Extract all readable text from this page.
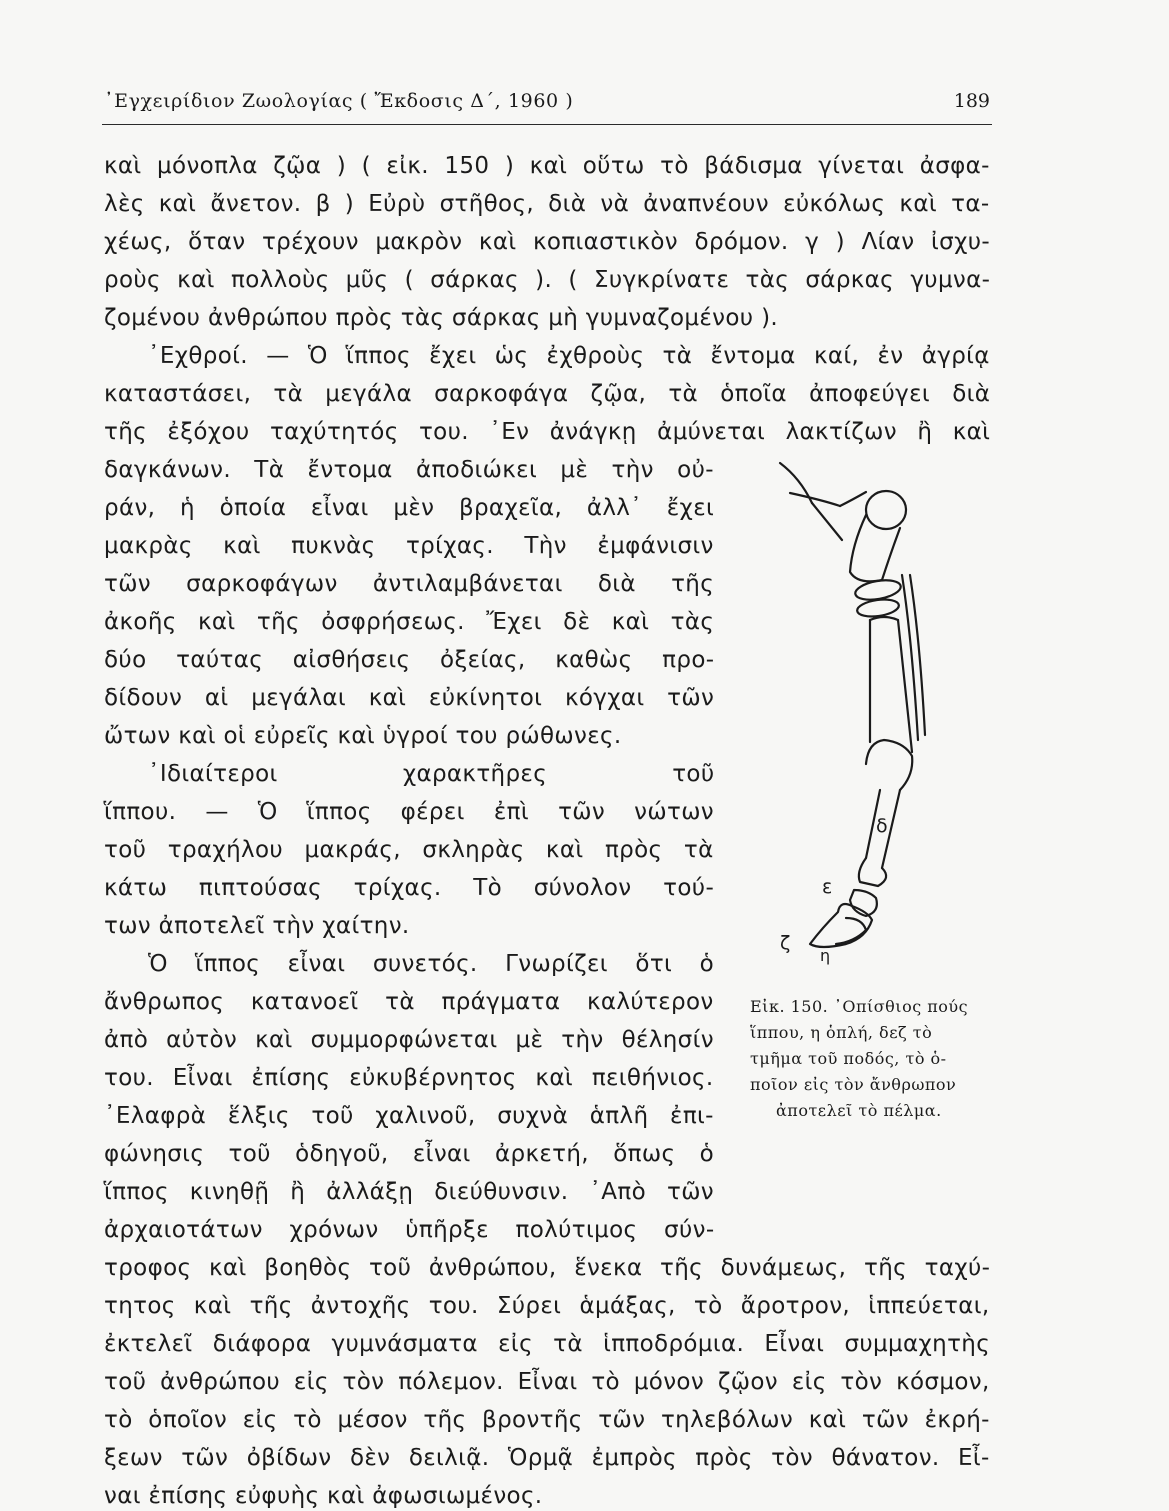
᾿Εγχειρίδιον Ζωολογίας ( Ἔκδοσις Δ΄, 1960 )	189
καὶ μόνοπλα ζῷα ) ( εἰκ. 150 ) καὶ οὕτω τὸ βάδισμα γίνεται ἀσφα-
λὲς καὶ ἄνετον. β ) Εὐρὺ στῆθος, διὰ νὰ ἀναπνέουν εὐκόλως καὶ τα-
χέως, ὅταν τρέχουν μακρὸν καὶ κοπιαστικὸν δρόμον. γ ) Λίαν ἰσχυ-
ροὺς καὶ πολλοὺς μῦς ( σάρκας ). ( Συγκρίνατε τὰς σάρκας γυμνα-
ζομένου ἀνθρώπου πρὸς τὰς σάρκας μὴ γυμναζομένου ).
᾿Εχθροί. — Ὁ ἵππος ἔχει ὡς ἐχθροὺς τὰ ἔντομα καί, ἐν ἀγρίᾳ
καταστάσει, τὰ μεγάλα σαρκοφάγα ζῷα, τὰ ὁποῖα ἀποφεύγει διὰ
τῆς ἐξόχου ταχύτητός του. ᾿Εν ἀνάγκῃ ἀμύνεται λακτίζων ἢ καὶ
δαγκάνων. Τὰ ἔντομα ἀποδιώκει μὲ τὴν οὐ-
ράν, ἡ ὁποία εἶναι μὲν βραχεῖα, ἀλλ᾿ ἔχει
μακρὰς καὶ πυκνὰς τρίχας. Τὴν ἐμφάνισιν
τῶν σαρκοφάγων ἀντιλαμβάνεται διὰ τῆς
ἀκοῆς καὶ τῆς ὀσφρήσεως. Ἔχει δὲ καὶ τὰς
δύο ταύτας αἰσθήσεις ὀξείας, καθὼς προ-
δίδουν αἱ μεγάλαι καὶ εὐκίνητοι κόγχαι τῶν
ὤτων καὶ οἱ εὐρεῖς καὶ ὑγροί του ρώθωνες.
᾿Ιδιαίτεροι χαρακτῆρες τοῦ
ἵππου. — Ὁ ἵππος φέρει ἐπὶ τῶν νώτων
τοῦ τραχήλου μακράς, σκληρὰς καὶ πρὸς τὰ
κάτω πιπτούσας τρίχας. Τὸ σύνολον τού-
των ἀποτελεῖ τὴν χαίτην.
Ὁ ἵππος εἶναι συνετός. Γνωρίζει ὅτι ὁ
ἄνθρωπος κατανοεῖ τὰ πράγματα καλύτερον
ἀπὸ αὐτὸν καὶ συμμορφώνεται μὲ τὴν θέλησίν
του. Εἶναι ἐπίσης εὐκυβέρνητος καὶ πειθήνιος.
᾿Ελαφρὰ ἕλξις τοῦ χαλινοῦ, συχνὰ ἁπλῆ ἐπι-
φώνησις τοῦ ὁδηγοῦ, εἶναι ἀρκετή, ὅπως ὁ
ἵππος κινηθῇ ἢ ἀλλάξῃ διεύθυνσιν. ᾿Απὸ τῶν
ἀρχαιοτάτων χρόνων ὑπῆρξε πολύτιμος σύν-
τροφος καὶ βοηθὸς τοῦ ἀνθρώπου, ἕνεκα τῆς δυνάμεως, τῆς ταχύ-
τητος καὶ τῆς ἀντοχῆς του. Σύρει ἁμάξας, τὸ ἄροτρον, ἱππεύεται,
ἐκτελεῖ διάφορα γυμνάσματα εἰς τὰ ἱπποδρόμια. Εἶναι συμμαχητὴς
τοῦ ἀνθρώπου εἰς τὸν πόλεμον. Εἶναι τὸ μόνον ζῷον εἰς τὸν κόσμον,
τὸ ὁποῖον εἰς τὸ μέσον τῆς βροντῆς τῶν τηλεβόλων καὶ τῶν ἐκρή-
ξεων τῶν ὀβίδων δὲν δειλιᾷ. Ὁρμᾷ ἐμπρὸς πρὸς τὸν θάνατον. Εἶ-
ναι ἐπίσης εὐφυὴς καὶ ἀφωσιωμένος.
δ
ε
ζ
η
Εἰκ. 150. ᾿Οπίσθιος πούς
ἵππου, η ὁπλή, δεζ τὸ
τμῆμα τοῦ ποδός, τὸ ὁ-
ποῖον εἰς τὸν ἄνθρωπον
ἀποτελεῖ τὸ πέλμα.
